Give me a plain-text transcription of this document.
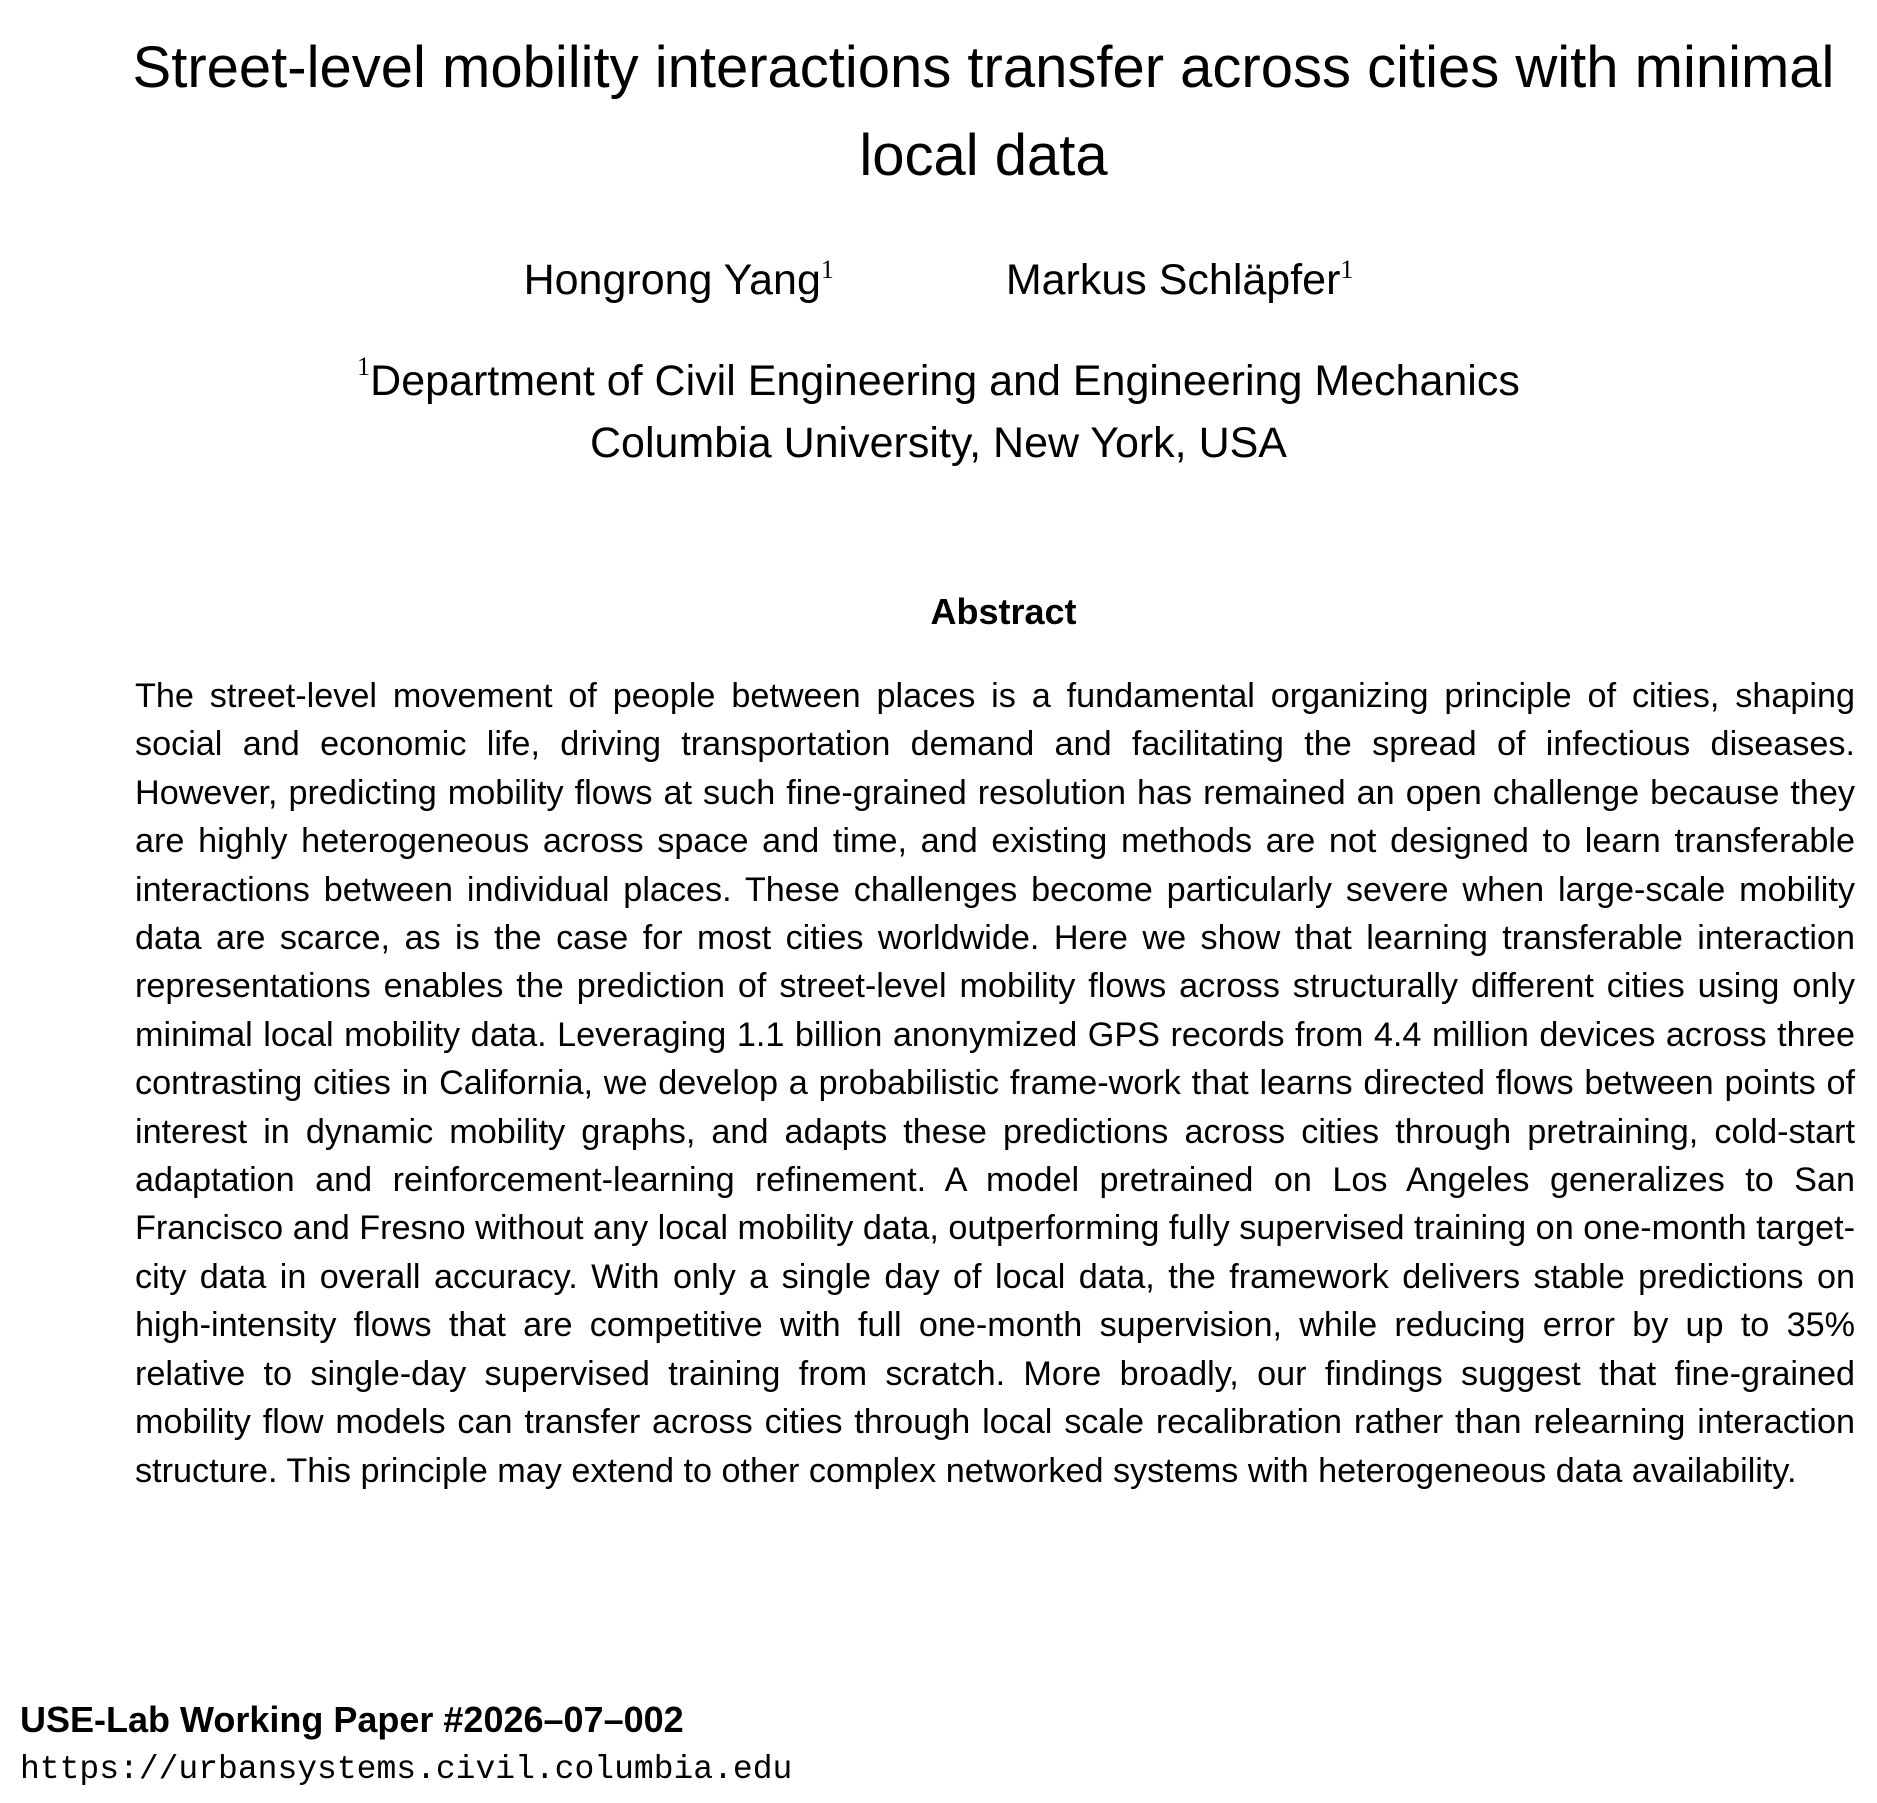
Street-level mobility interactions transfer across cities with minimal local data
Hongrong Yang$^1$	Markus Schläpfer$^1$
$^1$Department of Civil Engineering and Engineering Mechanics
Columbia University, New York, USA
Abstract

The street-level movement of people between places is a fundamental organizing principle of cities, shaping social and economic life, driving transportation demand and facilitating the spread of infectious diseases. However, predicting mobility flows at such fine-grained resolution has remained an open challenge because they are highly heterogeneous across space and time, and existing methods are not designed to learn transferable interactions between individual places. These challenges become particularly severe when large-scale mobility data are scarce, as is the case for most cities worldwide. Here we show that learning transferable interaction representations enables the prediction of street-level mobility flows across structurally different cities using only minimal local mobility data. Leveraging 1.1 billion anonymized GPS records from 4.4 million devices across three contrasting cities in California, we develop a probabilistic frame-work that learns directed flows between points of interest in dynamic mobility graphs, and adapts these predictions across cities through pretraining, cold-start adaptation and reinforcement-learning refinement. A model pretrained on Los Angeles generalizes to San Francisco and Fresno without any local mobility data, outperforming fully supervised training on one-month target-city data in overall accuracy. With only a single day of local data, the framework delivers stable predictions on high-intensity flows that are competitive with full one-month supervision, while reducing error by up to 35% relative to single-day supervised training from scratch. More broadly, our findings suggest that fine-grained mobility flow models can transfer across cities through local scale recalibration rather than relearning interaction structure. This principle may extend to other complex networked systems with heterogeneous data availability.

USE-Lab Working Paper #2026–07–002
https://urbansystems.civil.columbia.edu
